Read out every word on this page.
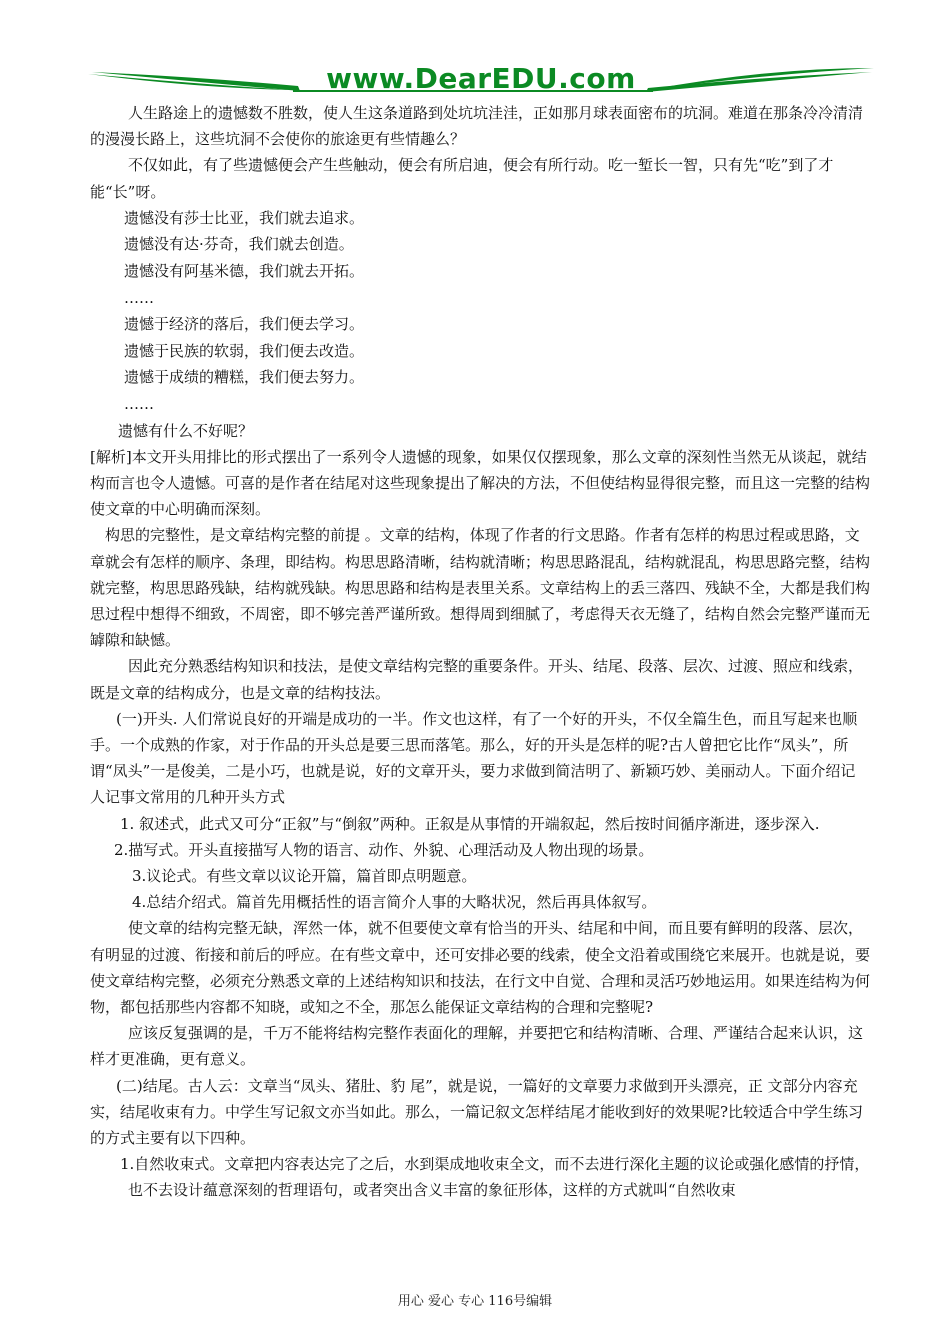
www.DearEDU.com

人生路途上的遗憾数不胜数，使人生这条道路到处坑坑洼洼，正如那月球表面密布的坑洞。难道在那条冷冷清清的漫漫长路上，这些坑洞不会使你的旅途更有些情趣么？

不仅如此，有了些遗憾便会产生些触动，便会有所启迪，便会有所行动。吃一堑长一智，只有先“吃”到了才能“长”呀。

遗憾没有莎士比亚，我们就去追求。
遗憾没有达·芬奇，我们就去创造。
遗憾没有阿基米德，我们就去开拓。
……
遗憾于经济的落后，我们便去学习。
遗憾于民族的软弱，我们便去改造。
遗憾于成绩的糟糕，我们便去努力。
……

遗憾有什么不好呢？

[解析]本文开头用排比的形式摆出了一系列令人遗憾的现象，如果仅仅摆现象，那么文章的深刻性当然无从谈起，就结构而言也令人遗憾。可喜的是作者在结尾对这些现象提出了解决的方法，不但使结构显得很完整，而且这一完整的结构使文章的中心明确而深刻。

构思的完整性，是文章结构完整的前提 。文章的结构，体现了作者的行文思路。作者有怎样的构思过程或思路，文章就会有怎样的顺序、条理，即结构。构思思路清晰，结构就清晰；构思思路混乱，结构就混乱，构思思路完整，结构就完整，构思思路残缺，结构就残缺。构思思路和结构是表里关系。文章结构上的丢三落四、残缺不全，大都是我们构思过程中想得不细致，不周密，即不够完善严谨所致。想得周到细腻了，考虑得天衣无缝了，结构自然会完整严谨而无罅隙和缺憾。

因此充分熟悉结构知识和技法，是使文章结构完整的重要条件。开头、结尾、段落、层次、过渡、照应和线索，既是文章的结构成分，也是文章的结构技法。

(一)开头. 人们常说良好的开端是成功的一半。作文也这样，有了一个好的开头，不仅全篇生色，而且写起来也顺手。一个成熟的作家，对于作品的开头总是要三思而落笔。那么，好的开头是怎样的呢?古人曾把它比作“凤头”，所谓“凤头”一是俊美，二是小巧，也就是说，好的文章开头，要力求做到简洁明了、新颖巧妙、美丽动人。下面介绍记人记事文常用的几种开头方式

1. 叙述式，此式又可分“正叙”与“倒叙”两种。正叙是从事情的开端叙起，然后按时间循序渐进，逐步深入.

2.描写式。开头直接描写人物的语言、动作、外貌、心理活动及人物出现的场景。

3.议论式。有些文章以议论开篇，篇首即点明题意。

4.总结介绍式。篇首先用概括性的语言简介人事的大略状况，然后再具体叙写。

使文章的结构完整无缺，浑然一体，就不但要使文章有恰当的开头、结尾和中间，而且要有鲜明的段落、层次，有明显的过渡、衔接和前后的呼应。在有些文章中，还可安排必要的线索，使全文沿着或围绕它来展开。也就是说，要使文章结构完整，必须充分熟悉文章的上述结构知识和技法，在行文中自觉、合理和灵活巧妙地运用。如果连结构为何物，都包括那些内容都不知晓，或知之不全，那怎么能保证文章结构的合理和完整呢?

应该反复强调的是，千万不能将结构完整作表面化的理解，并要把它和结构清晰、合理、严谨结合起来认识，这样才更准确，更有意义。

(二)结尾。古人云：文章当“凤头、猪肚、豹 尾”，就是说，一篇好的文章要力求做到开头漂亮，正 文部分内容充实，结尾收束有力。中学生写记叙文亦当如此。那么，一篇记叙文怎样结尾才能收到好的效果呢?比较适合中学生练习的方式主要有以下四种。

1.自然收束式。文章把内容表达完了之后，水到渠成地收束全文，而不去进行深化主题的议论或强化感情的抒情，也不去设计蕴意深刻的哲理语句，或者突出含义丰富的象征形体，这样的方式就叫“自然收束

用心 爱心 专心 116号编辑
